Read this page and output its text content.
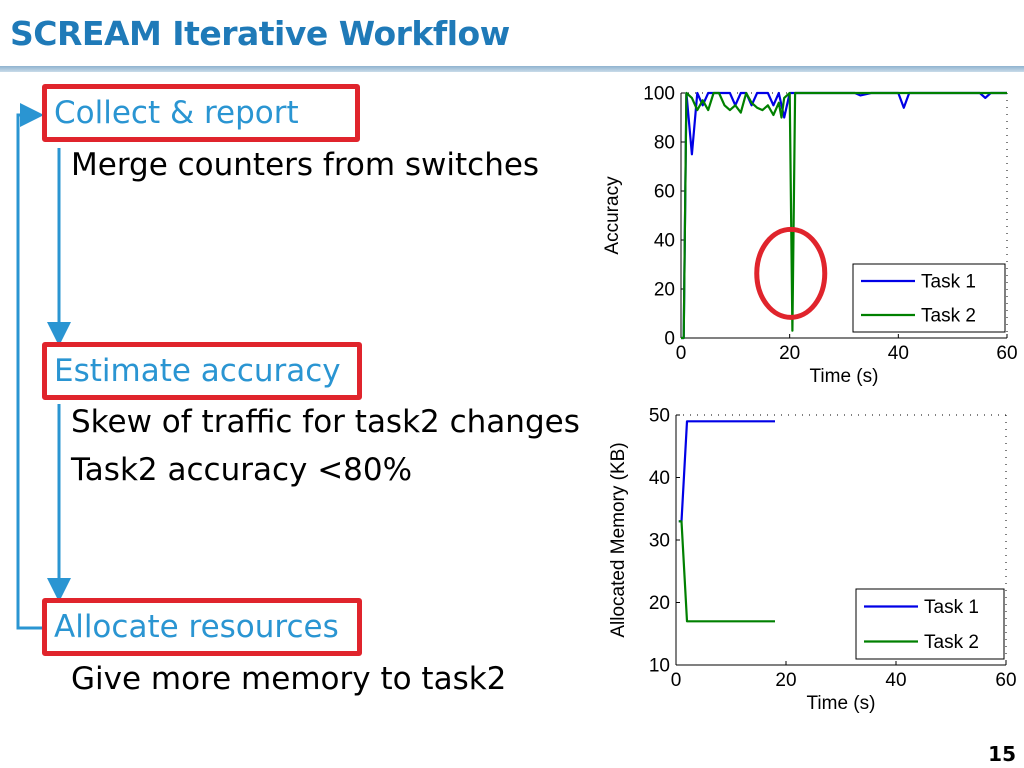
SCREAM Iterative Workflow
Collect & report
Merge counters from switches
Estimate accuracy
Skew of traffic for task2 changes
Task2 accuracy <80%
Allocate resources
Give more memory to task2
0
20
40
60
80
100
0	20	40	60
Time (s)
Accuracy
Task 1
Task 2
10
20
30
40
50
0	20	40	60
Time (s)
Allocated Memory (KB)	Task 1
Task 2
15
